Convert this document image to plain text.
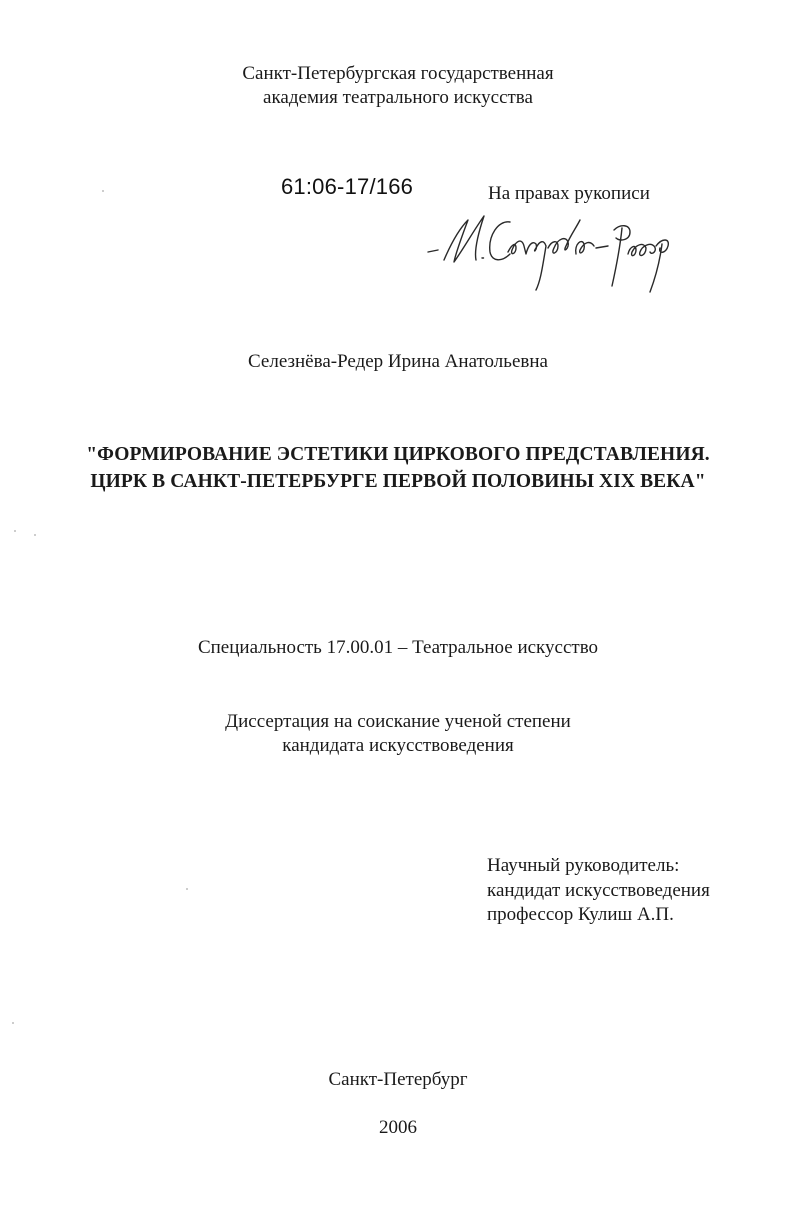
Санкт-Петербургская государственная
академия театрального искусства
61:06-17/166	На правах рукописи
Селезнёва-Редер Ирина Анатольевна
"ФОРМИРОВАНИЕ ЭСТЕТИКИ ЦИРКОВОГО ПРЕДСТАВЛЕНИЯ.
ЦИРК В САНКТ-ПЕТЕРБУРГЕ ПЕРВОЙ ПОЛОВИНЫ XIX ВЕКА"
Специальность 17.00.01 – Театральное искусство
Диссертация на соискание ученой степени
кандидата искусствоведения
Научный руководитель:
кандидат искусствоведения
профессор Кулиш А.П.
Санкт-Петербург
2006
